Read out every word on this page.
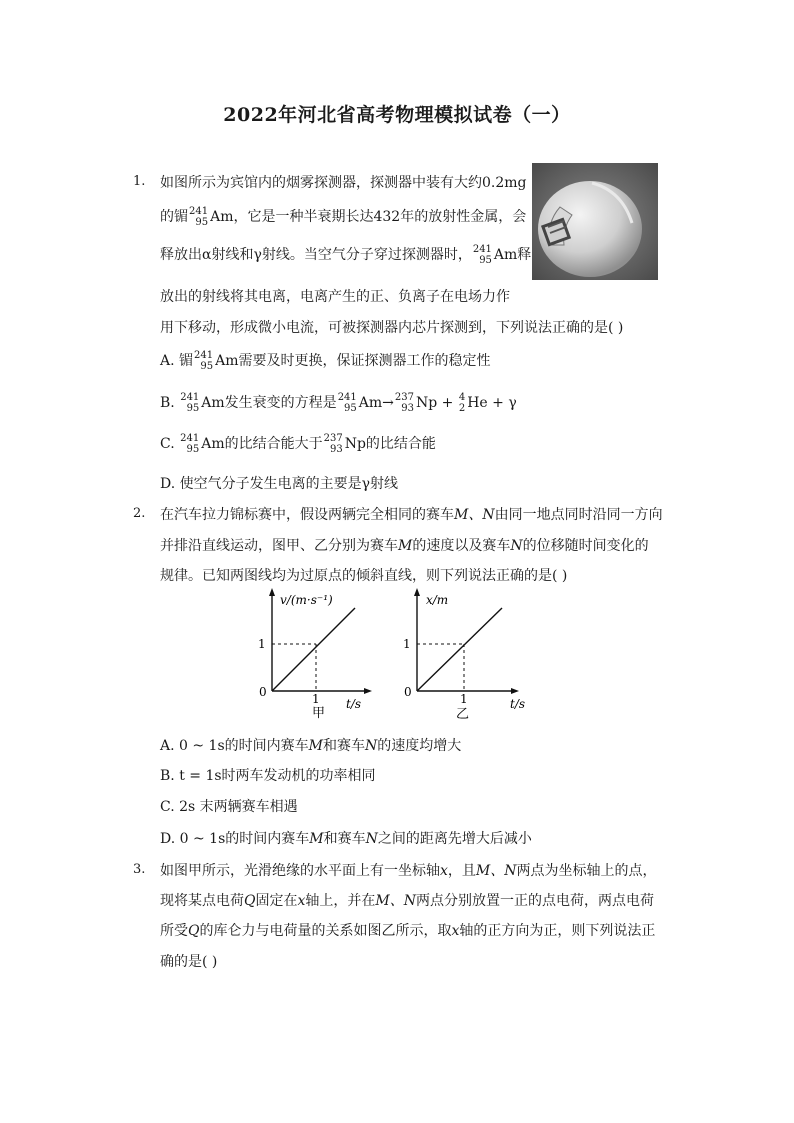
2022年河北省高考物理模拟试卷（一）
1. 如图所示为宾馆内的烟雾探测器，探测器中装有大约0.2mg
的镅 241
95 Am，它是一种半衰期长达432年的放射性金属，会
释放出α射线和γ射线。当空气分子穿过探测器时， 241
95 Am释
放出的射线将其电离，电离产生的正、负离子在电场力作
用下移动，形成微小电流，可被探测器内芯片探测到，下列说法正确的是( )
A. 镅 241
95 Am需要及时更换，保证探测器工作的稳定性
B. 241
95 Am发生衰变的方程是 241
95 Am→ 237
93 Np + 4
2 He + γ
C. 241
95 Am的比结合能大于 237
93 Np的比结合能
D. 使空气分子发生电离的主要是γ射线
2. 在汽车拉力锦标赛中，假设两辆完全相同的赛车M、N由同一地点同时沿同一方向
并排沿直线运动，图甲、乙分别为赛车M的速度以及赛车N的位移随时间变化的
规律。已知两图线均为过原点的倾斜直线，则下列说法正确的是( )
v/(m·s⁻¹)
1
0	1 t/s
甲
x/m
1
0	1	t/s
乙
A. 0 ~ 1s的时间内赛车M和赛车N的速度均增大
B. t = 1s时两车发动机的功率相同
C. 2s 末两辆赛车相遇
D. 0 ~ 1s的时间内赛车M和赛车N之间的距离先增大后减小
3. 如图甲所示，光滑绝缘的水平面上有一坐标轴x，且M、N两点为坐标轴上的点，
现将某点电荷Q固定在x轴上，并在M、N两点分别放置一正的点电荷，两点电荷
所受Q的库仑力与电荷量的关系如图乙所示，取x轴的正方向为正，则下列说法正
确的是( )
